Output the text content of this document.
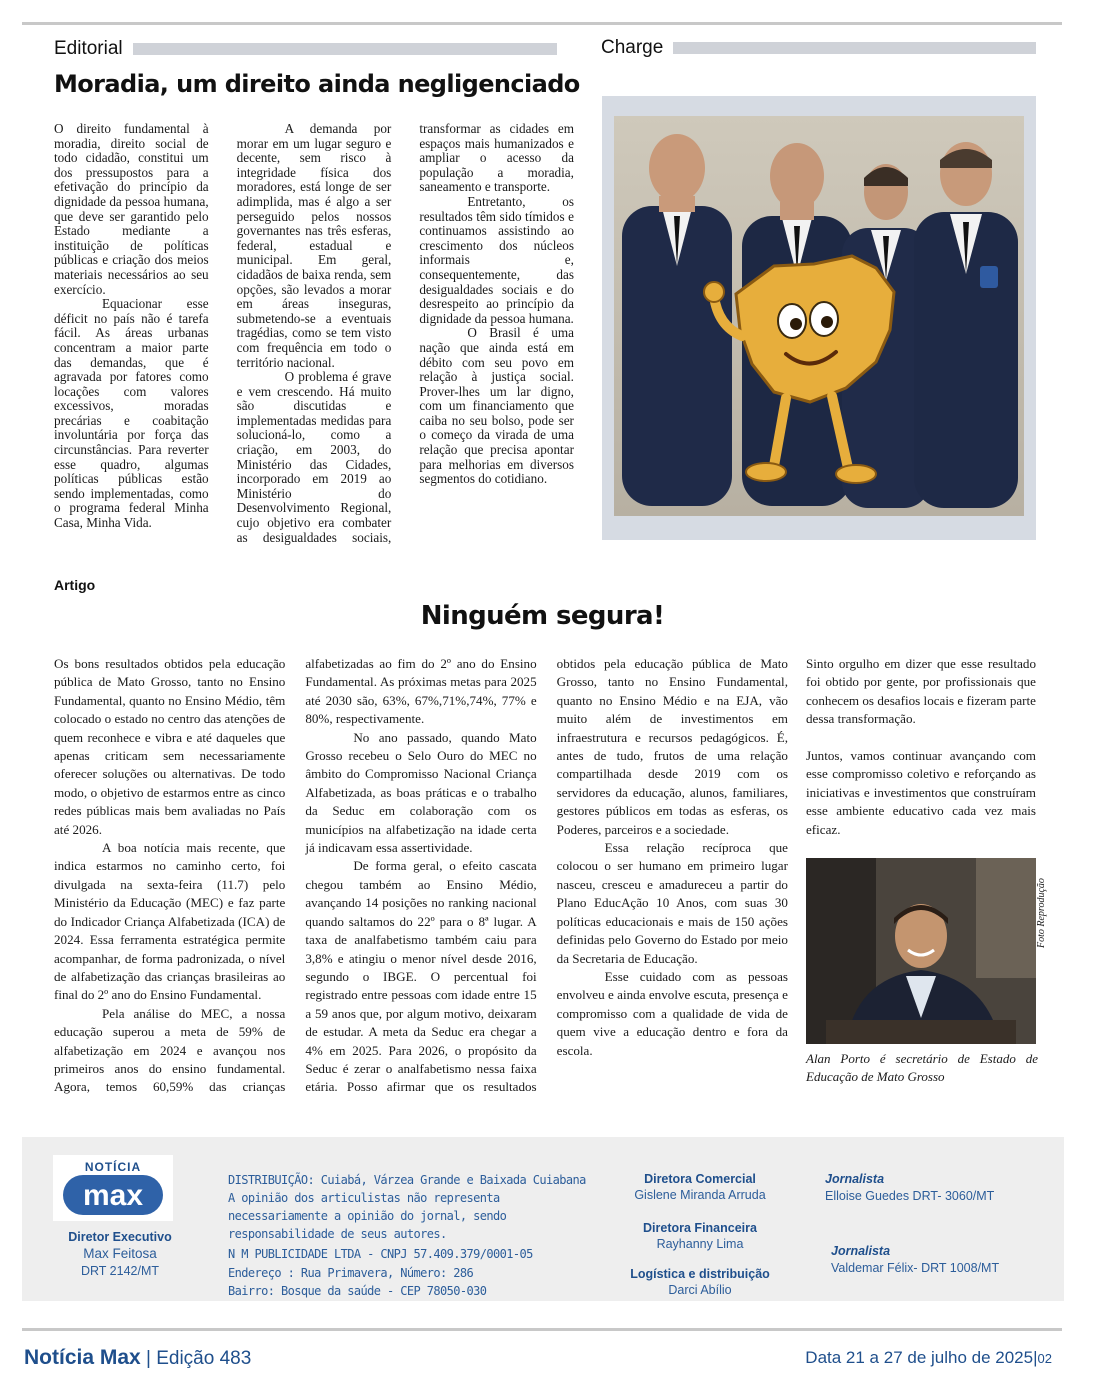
Editorial	Charge
Moradia, um direito ainda negligenciado

O direito fundamental à moradia, direito social de todo cidadão, constitui um dos pressupostos para a efetivação do princípio da dignidade da pessoa humana, que deve ser garantido pelo Estado mediante a instituição de políticas públicas e criação dos meios materiais necessários ao seu exercício.

Equacionar esse déficit no país não é tarefa fácil. As áreas urbanas concentram a maior parte das demandas, que é agravada por fatores como locações com valores excessivos, moradas precárias e coabitação involuntária por força das circunstâncias. Para reverter esse quadro, algumas políticas públicas estão sendo implementadas, como o programa federal Minha Casa, Minha Vida.

A demanda por morar em um lugar seguro e decente, sem risco à integridade física dos moradores, está longe de ser adimplida, mas é algo a ser perseguido pelos nossos governantes nas três esferas, federal, estadual e municipal. Em geral, cidadãos de baixa renda, sem opções, são levados a morar em áreas inseguras, submetendo-se a eventuais tragédias, como se tem visto com frequência em todo o território nacional.

O problema é grave e vem crescendo. Há muito são discutidas e implementadas medidas para solucioná-lo, como a criação, em 2003, do Ministério das Cidades, incorporado em 2019 ao Ministério do Desenvolvimento Regional, cujo objetivo era combater as desigualdades sociais, transformar as cidades em espaços mais humanizados e ampliar o acesso da população a moradia, saneamento e transporte.

Entretanto, os resultados têm sido tímidos e continuamos assistindo ao crescimento dos núcleos informais e, consequentemente, das desigualdades sociais e do desrespeito ao princípio da dignidade da pessoa humana.

O Brasil é uma nação que ainda está em débito com seu povo em relação à justiça social. Prover-lhes um lar digno, com um financiamento que caiba no seu bolso, pode ser o começo da virada de uma relação que precisa apontar para melhorias em diversos segmentos do cotidiano.

Artigo
Ninguém segura!

Os bons resultados obtidos pela educação pública de Mato Grosso, tanto no Ensino Fundamental, quanto no Ensino Médio, têm colocado o estado no centro das atenções de quem reconhece e vibra e até daqueles que apenas criticam sem necessariamente oferecer soluções ou alternativas. De todo modo, o objetivo de estarmos entre as cinco redes públicas mais bem avaliadas no País até 2026.

A boa notícia mais recente, que indica estarmos no caminho certo, foi divulgada na sexta-feira (11.7) pelo Ministério da Educação (MEC) e faz parte do Indicador Criança Alfabetizada (ICA) de 2024. Essa ferramenta estratégica permite acompanhar, de forma padronizada, o nível de alfabetização das crianças brasileiras ao final do 2º ano do Ensino Fundamental.

Pela análise do MEC, a nossa educação superou a meta de 59% de alfabetização em 2024 e avançou nos primeiros anos do ensino fundamental. Agora, temos 60,59% das crianças alfabetizadas ao fim do 2º ano do Ensino Fundamental. As próximas metas para 2025 até 2030 são, 63%, 67%,71%,74%, 77% e 80%, respectivamente.

No ano passado, quando Mato Grosso recebeu o Selo Ouro do MEC no âmbito do Compromisso Nacional Criança Alfabetizada, as boas práticas e o trabalho da Seduc em colaboração com os municípios na alfabetização na idade certa já indicavam essa assertividade.

De forma geral, o efeito cascata chegou também ao Ensino Médio, avançando 14 posições no ranking nacional quando saltamos do 22º para o 8ª lugar. A taxa de analfabetismo também caiu para 3,8% e atingiu o menor nível desde 2016, segundo o IBGE. O percentual foi registrado entre pessoas com idade entre 15 a 59 anos que, por algum motivo, deixaram de estudar. A meta da Seduc era chegar a 4% em 2025. Para 2026, o propósito da Seduc é zerar o analfabetismo nessa faixa etária. Posso afirmar que os resultados obtidos pela educação pública de Mato Grosso, tanto no Ensino Fundamental, quanto no Ensino Médio e na EJA, vão muito além de investimentos em infraestrutura e recursos pedagógicos. É, antes de tudo, frutos de uma relação compartilhada desde 2019 com os servidores da educação, alunos, familiares, gestores públicos em todas as esferas, os Poderes, parceiros e a sociedade.

Essa relação recíproca que colocou o ser humano em primeiro lugar nasceu, cresceu e amadureceu a partir do Plano EducAção 10 Anos, com suas 30 políticas educacionais e mais de 150 ações definidas pelo Governo do Estado por meio da Secretaria de Educação.

Esse cuidado com as pessoas envolveu e ainda envolve escuta, presença e compromisso com a qualidade de vida de quem vive a educação dentro e fora da escola.

Sinto orgulho em dizer que esse resultado foi obtido por gente, por profissionais que conhecem os desafios locais e fizeram parte dessa transformação.

Juntos, vamos continuar avançando com esse compromisso coletivo e reforçando as iniciativas e investimentos que construíram esse ambiente educativo cada vez mais eficaz.

Foto Reprodução
Alan Porto é secretário de Estado de Educação de Mato Grosso
NOTÍCIA
max
Diretor Executivo
Max Feitosa
DRT 2142/MT
DISTRIBUIÇÃO: Cuiabá, Várzea Grande e Baixada Cuiabana
A opinião dos articulistas não representa necessariamente a opinião do jornal, sendo responsabilidade de seus autores.
N M PUBLICIDADE LTDA - CNPJ 57.409.379/0001-05
Endereço : Rua Primavera, Número: 286
Bairro: Bosque da saúde - CEP 78050-030
Diretora Comercial
Gislene Miranda Arruda
Diretora Financeira
Rayhanny Lima
Logística e distribuição
Darci Abílio
Jornalista
Elloise Guedes DRT- 3060/MT
Jornalista
Valdemar Félix- DRT 1008/MT
Notícia Max | Edição 483	Data 21 a 27 de julho de 2025|02
